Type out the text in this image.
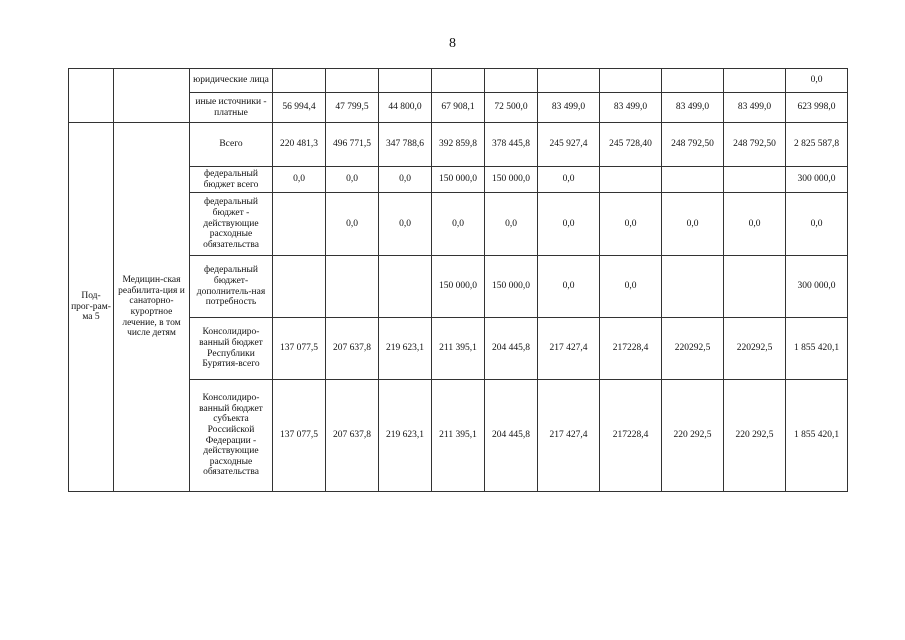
8
		юридические лица										0,0
		иные источники - платные	56 994,4	47 799,5	44 800,0	67 908,1	72 500,0	83 499,0	83 499,0	83 499,0	83 499,0	623 998,0
Под-прог-рам-ма 5	Медицин-ская реабилита-ция и санаторно-курортное лечение, в том числе детям	Всего	220 481,3	496 771,5	347 788,6	392 859,8	378 445,8	245 927,4	245 728,40	248 792,50	248 792,50	2 825 587,8
		федеральный бюджет всего	0,0	0,0	0,0	150 000,0	150 000,0	0,0				300 000,0
		федеральный бюджет - действующие расходные обязательства		0,0	0,0	0,0	0,0	0,0	0,0	0,0	0,0	0,0
		федеральный бюджет-дополнитель-ная потребность				150 000,0	150 000,0	0,0	0,0			300 000,0
		Консолидиро-ванный бюджет Республики Бурятия-всего	137 077,5	207 637,8	219 623,1	211 395,1	204 445,8	217 427,4	217228,4	220292,5	220292,5	1 855 420,1
		Консолидиро-ванный бюджет субъекта Российской Федерации - действующие расходные обязательства	137 077,5	207 637,8	219 623,1	211 395,1	204 445,8	217 427,4	217228,4	220 292,5	220 292,5	1 855 420,1
